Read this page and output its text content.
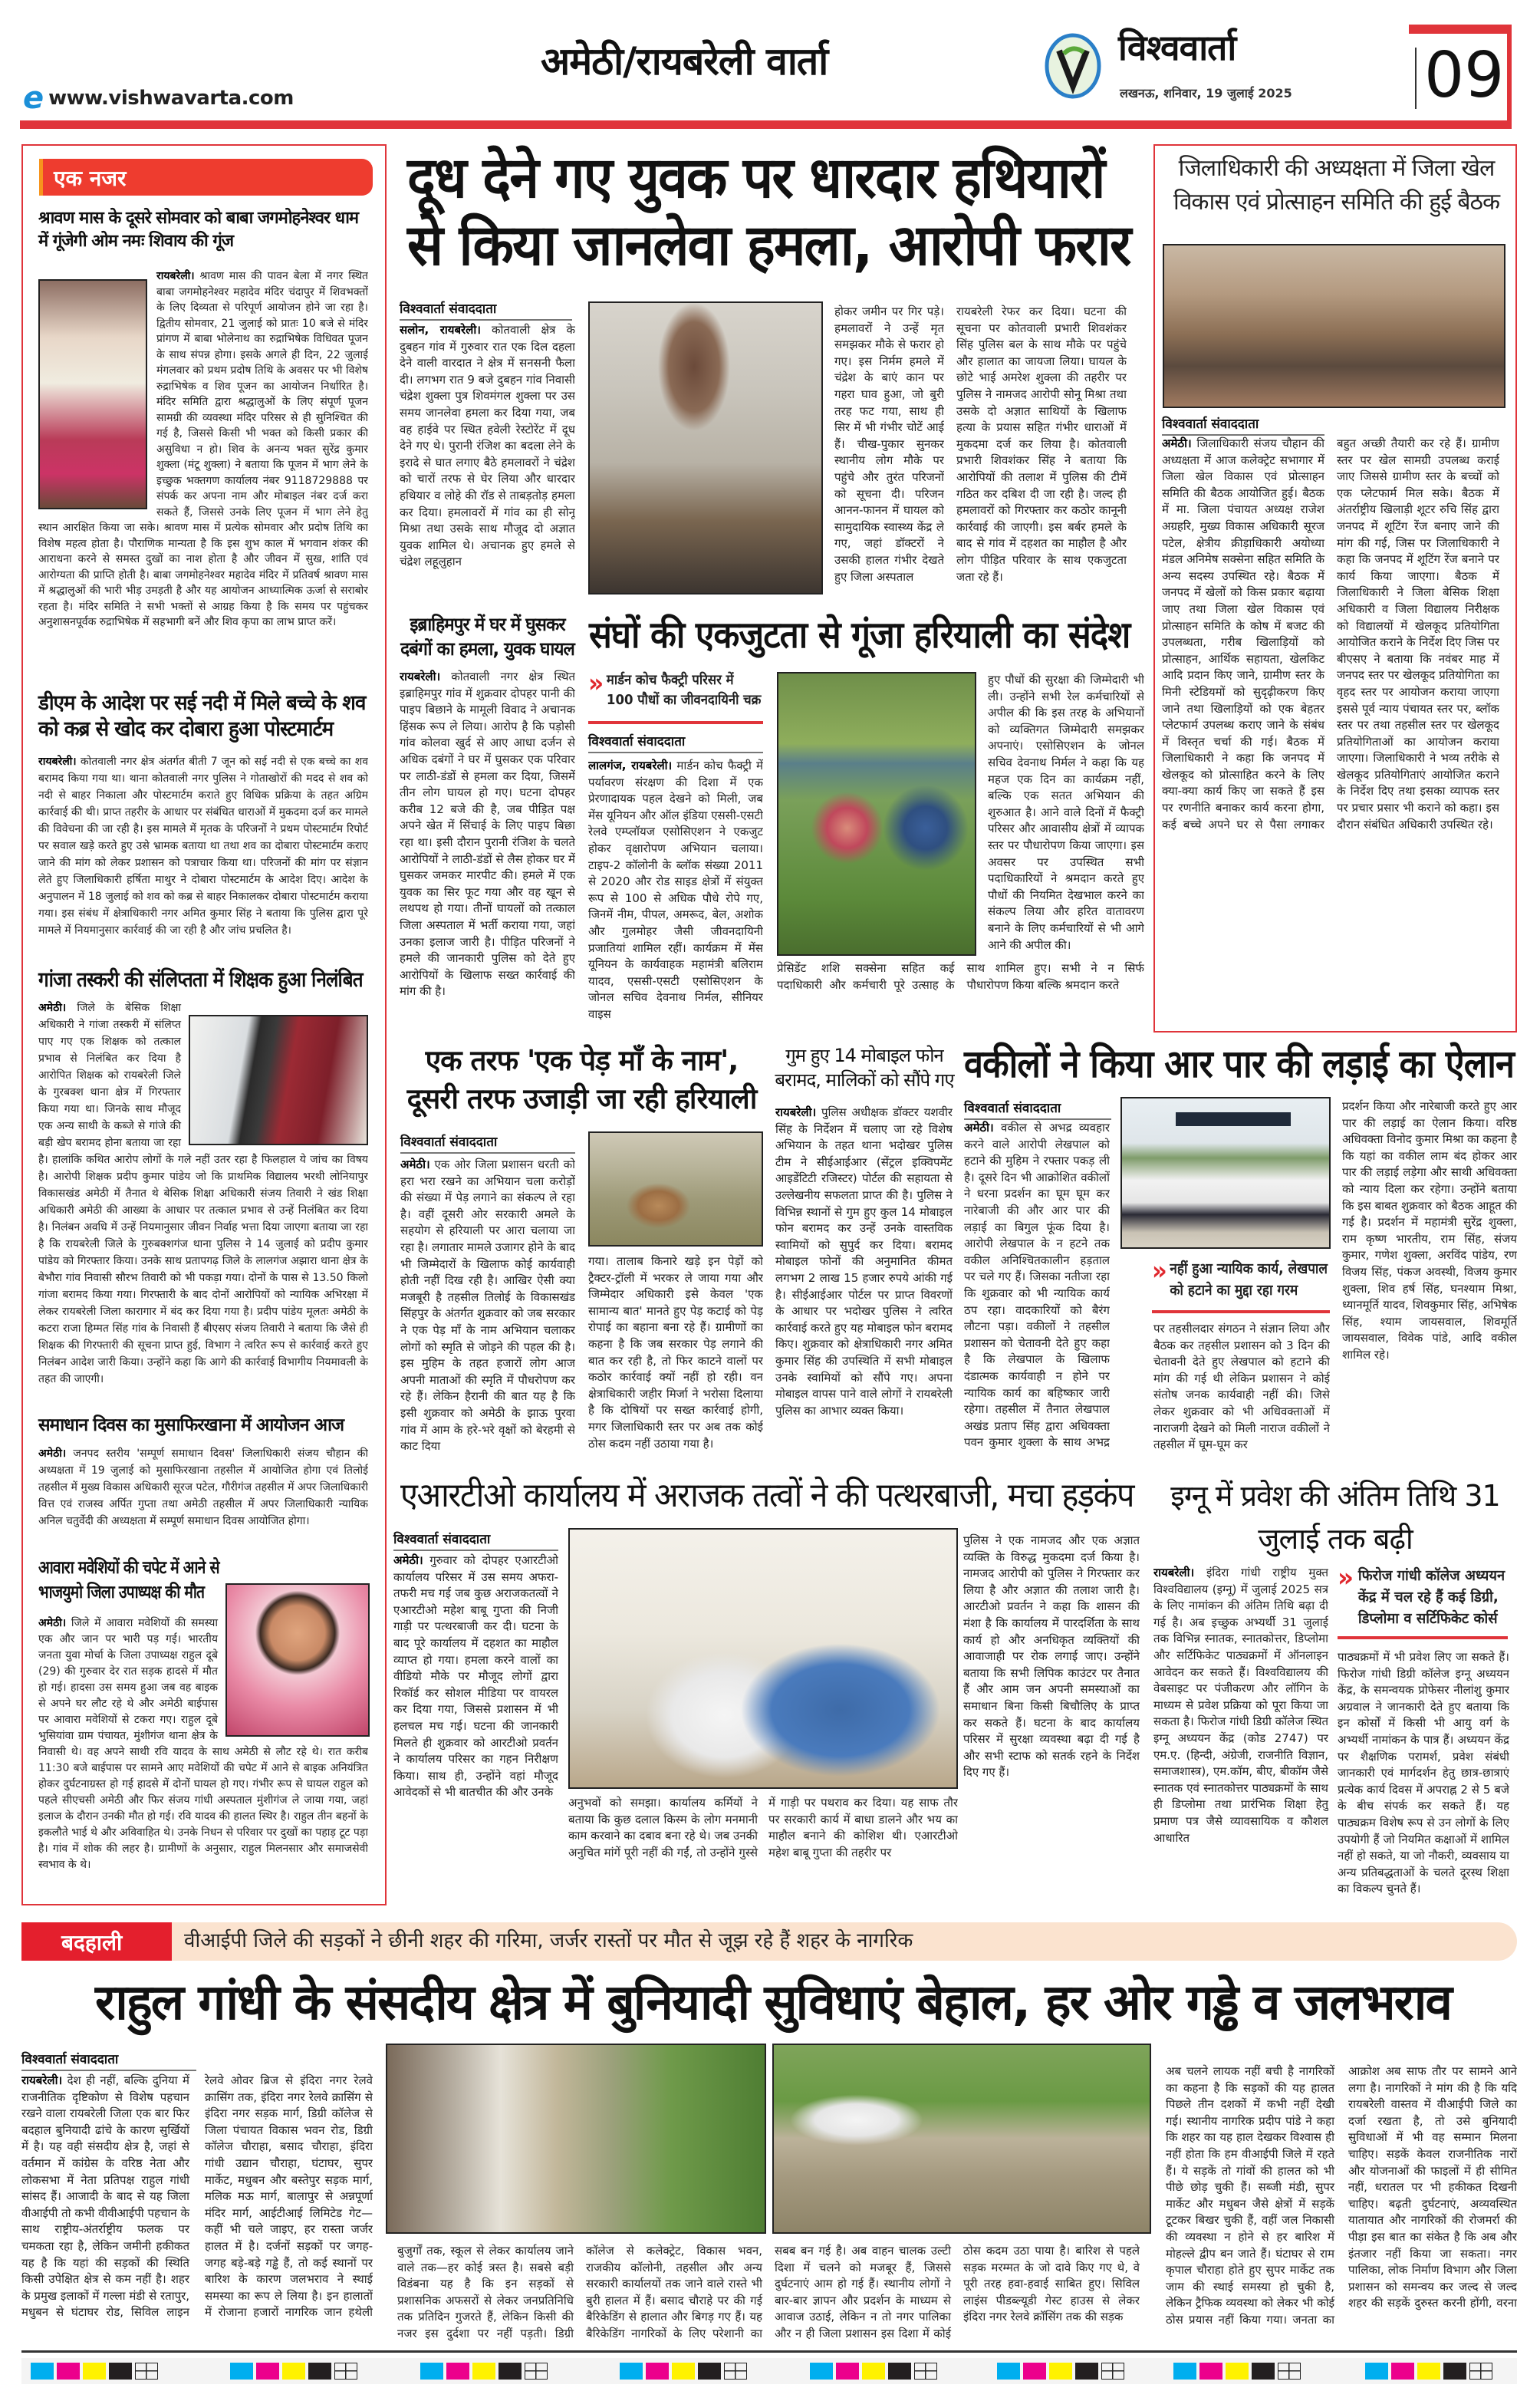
e www.vishwavarta.com
अमेठी/रायबरेली वार्ता	विश्ववार्ता
लखनऊ, शनिवार, 19 जुलाई 2025 09
एक नजर
श्रावण मास के दूसरे सोमवार को बाबा जगमोहनेश्वर धाम में गूंजेगी ओम नमः शिवाय की गूंज
रायबरेली। श्रावण मास की पावन बेला में नगर स्थित बाबा जगमोहनेश्वर महादेव मंदिर चंदापुर में शिवभक्तों के लिए दिव्यता से परिपूर्ण आयोजन होने जा रहा है। द्वितीय सोमवार, 21 जुलाई को प्रातः 10 बजे से मंदिर प्रांगण में बाबा भोलेनाथ का रुद्राभिषेक विधिवत पूजन के साथ संपन्न होगा। इसके अगले ही दिन, 22 जुलाई मंगलवार को प्रथम प्रदोष तिथि के अवसर पर भी विशेष रुद्राभिषेक व शिव पूजन का आयोजन निर्धारित है। मंदिर समिति द्वारा श्रद्धालुओं के लिए संपूर्ण पूजन सामग्री की व्यवस्था मंदिर परिसर से ही सुनिश्चित की गई है, जिससे किसी भी भक्त को किसी प्रकार की असुविधा न हो। शिव के अनन्य भक्त सुरेंद्र कुमार शुक्ला (मंटू शुक्ला) ने बताया कि पूजन में भाग लेने के इच्छुक भक्तगण कार्यालय नंबर 9118729888 पर संपर्क कर अपना नाम और मोबाइल नंबर दर्ज करा सकते हैं, जिससे उनके लिए पूजन में भाग लेने हेतु स्थान आरक्षित किया जा सके। श्रावण मास में प्रत्येक सोमवार और प्रदोष तिथि का विशेष महत्व होता है। पौराणिक मान्यता है कि इस शुभ काल में भगवान शंकर की आराधना करने से समस्त दुखों का नाश होता है और जीवन में सुख, शांति एवं आरोग्यता की प्राप्ति होती है। बाबा जगमोहनेश्वर महादेव मंदिर में प्रतिवर्ष श्रावण मास में श्रद्धालुओं की भारी भीड़ उमड़ती है और यह आयोजन आध्यात्मिक ऊर्जा से सराबोर रहता है। मंदिर समिति ने सभी भक्तों से आग्रह किया है कि समय पर पहुंचकर अनुशासनपूर्वक रुद्राभिषेक में सहभागी बनें और शिव कृपा का लाभ प्राप्त करें।
डीएम के आदेश पर सई नदी में मिले बच्चे के शव को कब्र से खोद कर दोबारा हुआ पोस्टमार्टम
रायबरेली। कोतवाली नगर क्षेत्र अंतर्गत बीती 7 जून को सई नदी से एक बच्चे का शव बरामद किया गया था। थाना कोतवाली नगर पुलिस ने गोताखोरों की मदद से शव को नदी से बाहर निकाला और पोस्टमार्टम कराते हुए विधिक प्रक्रिया के तहत अग्रिम कार्रवाई की थी। प्राप्त तहरीर के आधार पर संबंधित धाराओं में मुकदमा दर्ज कर मामले की विवेचना की जा रही है। इस मामले में मृतक के परिजनों ने प्रथम पोस्टमार्टम रिपोर्ट पर सवाल खड़े करते हुए उसे भ्रामक बताया था तथा शव का दोबारा पोस्टमार्टम कराए जाने की मांग को लेकर प्रशासन को पत्राचार किया था। परिजनों की मांग पर संज्ञान लेते हुए जिलाधिकारी हर्षिता माथुर ने दोबारा पोस्टमार्टम के आदेश दिए। आदेश के अनुपालन में 18 जुलाई को शव को कब्र से बाहर निकालकर दोबारा पोस्टमार्टम कराया गया। इस संबंध में क्षेत्राधिकारी नगर अमित कुमार सिंह ने बताया कि पुलिस द्वारा पूरे मामले में नियमानुसार कार्रवाई की जा रही है और जांच प्रचलित है।
गांजा तस्करी की संलिप्तता में शिक्षक हुआ निलंबित
अमेठी। जिले के बेसिक शिक्षा अधिकारी ने गांजा तस्करी में संलिप्त पाए गए एक शिक्षक को तत्काल प्रभाव से निलंबित कर दिया है आरोपित शिक्षक को रायबरेली जिले के गुरबक्श थाना क्षेत्र में गिरफ्तार किया गया था। जिनके साथ मौजूद एक अन्य साथी के कब्जे से गांजे की बड़ी खेप बरामद होना बताया जा रहा है। हालांकि कथित आरोप लोगों के गले नहीं उतर रहा है फिलहाल ये जांच का विषय है। आरोपी शिक्षक प्रदीप कुमार पांडेय जो कि प्राथमिक विद्यालय भरथी लोनियापुर विकासखंड अमेठी में तैनात थे बेसिक शिक्षा अधिकारी संजय तिवारी ने खंड शिक्षा अधिकारी अमेठी की आख्या के आधार पर तत्काल प्रभाव से उन्हें निलंबित कर दिया है। निलंबन अवधि में उन्हें नियमानुसार जीवन निर्वाह भत्ता दिया जाएगा बताया जा रहा है कि रायबरेली जिले के गुरुबक्शगंज थाना पुलिस ने 14 जुलाई को प्रदीप कुमार पांडेय को गिरफ्तार किया। उनके साथ प्रतापगढ़ जिले के लालगंज अझारा थाना क्षेत्र के बेभौरा गांव निवासी सौरभ तिवारी को भी पकड़ा गया। दोनों के पास से 13.50 किलो गांजा बरामद किया गया। गिरफ्तारी के बाद दोनों आरोपियों को न्यायिक अभिरक्षा में लेकर रायबरेली जिला कारागार में बंद कर दिया गया है। प्रदीप पांडेय मूलतः अमेठी के कटरा राजा हिम्मत सिंह गांव के निवासी हैं बीएसए संजय तिवारी ने बताया कि जैसे ही शिक्षक की गिरफ्तारी की सूचना प्राप्त हुई, विभाग ने त्वरित रूप से कार्रवाई करते हुए निलंबन आदेश जारी किया। उन्होंने कहा कि आगे की कार्रवाई विभागीय नियमावली के तहत की जाएगी।
समाधान दिवस का मुसाफिरखाना में आयोजन आज
अमेठी। जनपद स्तरीय 'सम्पूर्ण समाधान दिवस' जिलाधिकारी संजय चौहान की अध्यक्षता में 19 जुलाई को मुसाफिरखाना तहसील में आयोजित होगा एवं तिलोई तहसील में मुख्य विकास अधिकारी सूरज पटेल, गौरीगंज तहसील में अपर जिलाधिकारी वित्त एवं राजस्व अर्पित गुप्ता तथा अमेठी तहसील में अपर जिलाधिकारी न्यायिक अनिल चतुर्वेदी की अध्यक्षता में सम्पूर्ण समाधान दिवस आयोजित होगा।
आवारा मवेशियों की चपेट में आने से भाजयुमो जिला उपाध्यक्ष की मौत
अमेठी। जिले में आवारा मवेशियों की समस्या एक और जान पर भारी पड़ गई। भारतीय जनता युवा मोर्चा के जिला उपाध्यक्ष राहुल दूबे (29) की गुरुवार देर रात सड़क हादसे में मौत हो गई। हादसा उस समय हुआ जब वह बाइक से अपने घर लौट रहे थे और अमेठी बाईपास पर आवारा मवेशियों से टकरा गए। राहुल दूबे भुसियांवा ग्राम पंचायत, मुंशीगंज थाना क्षेत्र के निवासी थे। वह अपने साथी रवि यादव के साथ अमेठी से लौट रहे थे। रात करीब 11:30 बजे बाईपास पर सामने आए मवेशियों की चपेट में आने से बाइक अनियंत्रित होकर दुर्घटनाग्रस्त हो गई हादसे में दोनों घायल हो गए। गंभीर रूप से घायल राहुल को पहले सीएचसी अमेठी और फिर संजय गांधी अस्पताल मुंशीगंज ले जाया गया, जहां इलाज के दौरान उनकी मौत हो गई। रवि यादव की हालत स्थिर है। राहुल तीन बहनों के इकलौते भाई थे और अविवाहित थे। उनके निधन से परिवार पर दुखों का पहाड़ टूट पड़ा है। गांव में शोक की लहर है। ग्रामीणों के अनुसार, राहुल मिलनसार और समाजसेवी स्वभाव के थे।
दूध देने गए युवक पर धारदार हथियारों से किया जानलेवा हमला, आरोपी फरार
विश्ववार्ता संवाददाता
सलोन, रायबरेली। कोतवाली क्षेत्र के दुबहन गांव में गुरुवार रात एक दिल दहला देने वाली वारदात ने क्षेत्र में सनसनी फैला दी। लगभग रात 9 बजे दुबहन गांव निवासी चंद्रेश शुक्ला पुत्र शिवमंगल शुक्ला पर उस समय जानलेवा हमला कर दिया गया, जब वह हाईवे पर स्थित हवेली रेस्टोरेंट में दूध देने गए थे। पुरानी रंजिश का बदला लेने के इरादे से घात लगाए बैठे हमलावरों ने चंद्रेश को चारों तरफ से घेर लिया और धारदार हथियार व लोहे की रॉड से ताबड़तोड़ हमला कर दिया। हमलावरों में गांव का ही सोनू मिश्रा तथा उसके साथ मौजूद दो अज्ञात युवक शामिल थे। अचानक हुए हमले से चंद्रेश लहूलुहान
होकर जमीन पर गिर पड़े। हमलावरों ने उन्हें मृत समझकर मौके से फरार हो गए। इस निर्मम हमले में चंद्रेश के बाएं कान पर गहरा घाव हुआ, जो बुरी तरह फट गया, साथ ही सिर में भी गंभीर चोटें आई हैं। चीख-पुकार सुनकर स्थानीय लोग मौके पर पहुंचे और तुरंत परिजनों को सूचना दी। परिजन आनन-फानन में घायल को सामुदायिक स्वास्थ्य केंद्र ले गए, जहां डॉक्टरों ने उसकी हालत गंभीर देखते हुए जिला अस्पताल
रायबरेली रेफर कर दिया। घटना की सूचना पर कोतवाली प्रभारी शिवशंकर सिंह पुलिस बल के साथ मौके पर पहुंचे और हालात का जायजा लिया। घायल के छोटे भाई अमरेश शुक्ला की तहरीर पर पुलिस ने नामजद आरोपी सोनू मिश्रा तथा उसके दो अज्ञात साथियों के खिलाफ हत्या के प्रयास सहित गंभीर धाराओं में मुकदमा दर्ज कर लिया है। कोतवाली प्रभारी शिवशंकर सिंह ने बताया कि आरोपियों की तलाश में पुलिस की टीमें गठित कर दबिश दी जा रही है। जल्द ही हमलावरों को गिरफ्तार कर कठोर कानूनी कार्रवाई की जाएगी। इस बर्बर हमले के बाद से गांव में दहशत का माहौल है और लोग पीड़ित परिवार के साथ एकजुटता जता रहे हैं।
इब्राहिमपुर में घर में घुसकर दबंगों का हमला, युवक घायल
रायबरेली। कोतवाली नगर क्षेत्र स्थित इब्राहिमपुर गांव में शुक्रवार दोपहर पानी की पाइप बिछाने के मामूली विवाद ने अचानक हिंसक रूप ले लिया। आरोप है कि पड़ोसी गांव कोलवा खुर्द से आए आधा दर्जन से अधिक दबंगों ने घर में घुसकर एक परिवार पर लाठी-डंडों से हमला कर दिया, जिसमें तीन लोग घायल हो गए। घटना दोपहर करीब 12 बजे की है, जब पीड़ित पक्ष अपने खेत में सिंचाई के लिए पाइप बिछा रहा था। इसी दौरान पुरानी रंजिश के चलते आरोपियों ने लाठी-डंडों से लैस होकर घर में घुसकर जमकर मारपीट की। हमले में एक युवक का सिर फूट गया और वह खून से लथपथ हो गया। तीनों घायलों को तत्काल जिला अस्पताल में भर्ती कराया गया, जहां उनका इलाज जारी है। पीड़ित परिजनों ने हमले की जानकारी पुलिस को देते हुए आरोपियों के खिलाफ सख्त कार्रवाई की मांग की है।
संघों की एकजुटता से गूंजा हरियाली का संदेश
» मार्डन कोच फैक्ट्री परिसर में 100 पौधों का जीवनदायिनी चक्र
विश्ववार्ता संवाददाता
लालगंज, रायबरेली। मार्डन कोच फैक्ट्री में पर्यावरण संरक्षण की दिशा में एक प्रेरणादायक पहल देखने को मिली, जब मेंस यूनियन और ऑल इंडिया एससी-एसटी रेलवे एम्प्लॉयज एसोसिएशन ने एकजुट होकर वृक्षारोपण अभियान चलाया। टाइप-2 कॉलोनी के ब्लॉक संख्या 2011 से 2020 और रोड साइड क्षेत्रों में संयुक्त रूप से 100 से अधिक पौधे रोपे गए, जिनमें नीम, पीपल, अमरूद, बेल, अशोक और गुलमोहर जैसी जीवनदायिनी प्रजातियां शामिल रहीं। कार्यक्रम में मेंस यूनियन के कार्यवाहक महामंत्री बलिराम यादव, एससी-एसटी एसोसिएशन के जोनल सचिव देवनाथ निर्मल, सीनियर वाइस
हुए पौधों की सुरक्षा की जिम्मेदारी भी ली। उन्होंने सभी रेल कर्मचारियों से अपील की कि इस तरह के अभियानों को व्यक्तिगत जिम्मेदारी समझकर अपनाएं। एसोसिएशन के जोनल सचिव देवनाथ निर्मल ने कहा कि यह महज एक दिन का कार्यक्रम नहीं, बल्कि एक सतत अभियान की शुरुआत है। आने वाले दिनों में फैक्ट्री परिसर और आवासीय क्षेत्रों में व्यापक स्तर पर पौधारोपण किया जाएगा। इस अवसर पर उपस्थित सभी पदाधिकारियों ने श्रमदान करते हुए पौधों की नियमित देखभाल करने का संकल्प लिया और हरित वातावरण बनाने के लिए कर्मचारियों से भी आगे आने की अपील की।
प्रेसिडेंट शशि सक्सेना सहित कई पदाधिकारी और कर्मचारी पूरे उत्साह के साथ शामिल हुए। सभी ने न सिर्फ पौधारोपण किया बल्कि श्रमदान करते
जिलाधिकारी की अध्यक्षता में जिला खेल विकास एवं प्रोत्साहन समिति की हुई बैठक
विश्ववार्ता संवाददाता
अमेठी। जिलाधिकारी संजय चौहान की अध्यक्षता में आज कलेक्ट्रेट सभागार में जिला खेल विकास एवं प्रोत्साहन समिति की बैठक आयोजित हुई। बैठक में मा. जिला पंचायत अध्यक्ष राजेश अग्रहरि, मुख्य विकास अधिकारी सूरज पटेल, क्षेत्रीय क्रीड़ाधिकारी अयोध्या मंडल अनिमेष सक्सेना सहित समिति के अन्य सदस्य उपस्थित रहे। बैठक में जनपद में खेलों को किस प्रकार बढ़ाया जाए तथा जिला खेल विकास एवं प्रोत्साहन समिति के कोष में बजट की उपलब्धता, गरीब खिलाड़ियों को प्रोत्साहन, आर्थिक सहायता, खेलकिट आदि प्रदान किए जाने, ग्रामीण स्तर के मिनी स्टेडियमों को सुदृढ़ीकरण किए जाने तथा खिलाड़ियों को एक बेहतर प्लेटफार्म उपलब्ध कराए जाने के संबंध में विस्तृत चर्चा की गई। बैठक में जिलाधिकारी ने कहा कि जनपद में खेलकूद को प्रोत्साहित करने के लिए क्या-क्या कार्य किए जा सकते हैं इस पर रणनीति बनाकर कार्य करना होगा, कई बच्चे अपने घर से पैसा लगाकर बहुत अच्छी तैयारी कर रहे हैं। ग्रामीण स्तर पर खेल सामग्री उपलब्ध कराई जाए जिससे ग्रामीण स्तर के बच्चों को एक प्लेटफार्म मिल सके। बैठक में अंतर्राष्ट्रीय खिलाड़ी शूटर रुचि सिंह द्वारा जनपद में शूटिंग रेंज बनाए जाने की मांग की गई, जिस पर जिलाधिकारी ने कहा कि जनपद में शूटिंग रेंज बनाने पर कार्य किया जाएगा। बैठक में जिलाधिकारी ने जिला बेसिक शिक्षा अधिकारी व जिला विद्यालय निरीक्षक को विद्यालयों में खेलकूद प्रतियोगिता आयोजित कराने के निर्देश दिए जिस पर बीएसए ने बताया कि नवंबर माह में जनपद स्तर पर खेलकूद प्रतियोगिता का वृहद स्तर पर आयोजन कराया जाएगा इससे पूर्व न्याय पंचायत स्तर पर, ब्लॉक स्तर पर तथा तहसील स्तर पर खेलकूद प्रतियोगिताओं का आयोजन कराया जाएगा। जिलाधिकारी ने भव्य तरीके से खेलकूद प्रतियोगिताएं आयोजित कराने के निर्देश दिए तथा इसका व्यापक स्तर पर प्रचार प्रसार भी कराने को कहा। इस दौरान संबंधित अधिकारी उपस्थित रहे।
एक तरफ 'एक पेड़ माँ के नाम', दूसरी तरफ उजाड़ी जा रही हरियाली
विश्ववार्ता संवाददाता
अमेठी। एक ओर जिला प्रशासन धरती को हरा भरा रखने का अभियान चला करोड़ों की संख्या में पेड़ लगाने का संकल्प ले रहा है। वहीं दूसरी ओर सरकारी अमले के सहयोग से हरियाली पर आरा चलाया जा रहा है। लगातार मामले उजागर होने के बाद भी जिम्मेदारों के खिलाफ कोई कार्यवाही होती नहीं दिख रही है। आखिर ऐसी क्या मजबूरी है तहसील तिलोई के विकासखंड सिंहपुर के अंतर्गत शुक्रवार को जब सरकार ने एक पेड़ माँ के नाम अभियान चलाकर लोगों को स्मृति से जोड़ने की पहल की है। इस मुहिम के तहत हजारों लोग आज अपनी माताओं की स्मृति में पौधरोपण कर रहे हैं। लेकिन हैरानी की बात यह है कि इसी शुक्रवार को अमेठी के झाऊ पुरवा गांव में आम के हरे-भरे वृक्षों को बेरहमी से काट दिया
गया। तालाब किनारे खड़े इन पेड़ों को ट्रैक्टर-ट्रॉली में भरकर ले जाया गया और जिम्मेदार अधिकारी इसे केवल 'एक सामान्य बात' मानते हुए पेड़ कटाई को पेड़ रोपाई का बहाना बना रहे हैं। ग्रामीणों का कहना है कि जब सरकार पेड़ लगाने की बात कर रही है, तो फिर काटने वालों पर कठोर कार्रवाई क्यों नहीं हो रही। वन क्षेत्राधिकारी जहीर मिर्जा ने भरोसा दिलाया है कि दोषियों पर सख्त कार्रवाई होगी, मगर जिलाधिकारी स्तर पर अब तक कोई ठोस कदम नहीं उठाया गया है।
गुम हुए 14 मोबाइल फोन बरामद, मालिकों को सौंपे गए
रायबरेली। पुलिस अधीक्षक डॉक्टर यशवीर सिंह के निर्देशन में चलाए जा रहे विशेष अभियान के तहत थाना भदोखर पुलिस टीम ने सीईआईआर (सेंट्रल इक्विपमेंट आइडेंटिटी रजिस्टर) पोर्टल की सहायता से उल्लेखनीय सफलता प्राप्त की है। पुलिस ने विभिन्न स्थानों से गुम हुए कुल 14 मोबाइल फोन बरामद कर उन्हें उनके वास्तविक स्वामियों को सुपुर्द कर दिया। बरामद मोबाइल फोनों की अनुमानित कीमत लगभग 2 लाख 15 हजार रुपये आंकी गई है। सीईआईआर पोर्टल पर प्राप्त विवरणों के आधार पर भदोखर पुलिस ने त्वरित कार्रवाई करते हुए यह मोबाइल फोन बरामद किए। शुक्रवार को क्षेत्राधिकारी नगर अमित कुमार सिंह की उपस्थिति में सभी मोबाइल उनके स्वामियों को सौंपे गए। अपना मोबाइल वापस पाने वाले लोगों ने रायबरेली पुलिस का आभार व्यक्त किया।
वकीलों ने किया आर पार की लड़ाई का ऐलान
विश्ववार्ता संवाददाता
अमेठी। वकील से अभद्र व्यवहार करने वाले आरोपी लेखपाल को हटाने की मुहिम ने रफ्तार पकड़ ली है। दूसरे दिन भी आक्रोशित वकीलों ने धरना प्रदर्शन का घूम घूम कर नारेबाजी की और आर पार की लड़ाई का बिगुल फूंक दिया है। आरोपी लेखपाल के न हटने तक वकील अनिश्चितकालीन हड़ताल पर चले गए हैं। जिसका नतीजा रहा कि शुक्रवार को भी न्यायिक कार्य ठप रहा। वादकारियों को बैरंग लौटना पड़ा। वकीलों ने तहसील प्रशासन को चेतावनी देते हुए कहा है कि लेखपाल के खिलाफ दंडात्मक कार्यवाही न होने पर न्यायिक कार्य का बहिष्कार जारी रहेगा। तहसील में तैनात लेखपाल अखंड प्रताप सिंह द्वारा अधिवक्ता पवन कुमार शुक्ला के साथ अभद्र
» नहीं हुआ न्यायिक कार्य, लेखपाल को हटाने का मुद्दा रहा गरम
पर तहसीलदार संगठन ने संज्ञान लिया और बैठक कर तहसील प्रशासन को 3 दिन की चेतावनी देते हुए लेखपाल को हटाने की मांग की गई थी लेकिन प्रशासन ने कोई संतोष जनक कार्यवाही नहीं की। जिसे लेकर शुक्रवार को भी अधिवक्ताओं में नाराजगी देखने को मिली नाराज वकीलों ने तहसील में घूम-घूम कर
प्रदर्शन किया और नारेबाजी करते हुए आर पार की लड़ाई का ऐलान किया। वरिष्ठ अधिवक्ता विनोद कुमार मिश्रा का कहना है कि यहां का वकील लाम बंद होकर आर पार की लड़ाई लड़ेगा और साथी अधिवक्ता को न्याय दिला कर रहेगा। उन्होंने बताया कि इस बाबत शुक्रवार को बैठक आहूत की गई है। प्रदर्शन में महामंत्री सुरेंद्र शुक्ला, राम कृष्ण भारतीय, राम सिंह, संजय कुमार, गणेश शुक्ला, अरविंद पांडेय, रण विजय सिंह, पंकज अवस्थी, विजय कुमार शुक्ला, शिव हर्ष सिंह, घनश्याम मिश्रा, ध्यानमूर्ति यादव, शिवकुमार सिंह, अभिषेक सिंह, श्याम जायसवाल, शिवमूर्ति जायसवाल, विवेक पांडे, आदि वकील शामिल रहे।
एआरटीओ कार्यालय में अराजक तत्वों ने की पत्थरबाजी, मचा हड़कंप
विश्ववार्ता संवाददाता
अमेठी। गुरुवार को दोपहर एआरटीओ कार्यालय परिसर में उस समय अफरा-तफरी मच गई जब कुछ अराजकतत्वों ने एआरटीओ महेश बाबू गुप्ता की निजी गाड़ी पर पत्थरबाजी कर दी। घटना के बाद पूरे कार्यालय में दहशत का माहौल व्याप्त हो गया। हमला करने वालों का वीडियो मौके पर मौजूद लोगों द्वारा रिकॉर्ड कर सोशल मीडिया पर वायरल कर दिया गया, जिससे प्रशासन में भी हलचल मच गई। घटना की जानकारी मिलते ही शुक्रवार को आरटीओ प्रवर्तन ने कार्यालय परिसर का गहन निरीक्षण किया। साथ ही, उन्होंने वहां मौजूद आवेदकों से भी बातचीत की और उनके
अनुभवों को समझा। कार्यालय कर्मियों ने बताया कि कुछ दलाल किस्म के लोग मनमानी काम करवाने का दबाव बना रहे थे। जब उनकी अनुचित मांगें पूरी नहीं की गईं, तो उन्होंने गुस्से में गाड़ी पर पथराव कर दिया। यह साफ तौर पर सरकारी कार्य में बाधा डालने और भय का माहौल बनाने की कोशिश थी। एआरटीओ महेश बाबू गुप्ता की तहरीर पर
पुलिस ने एक नामजद और एक अज्ञात व्यक्ति के विरुद्ध मुकदमा दर्ज किया है। नामजद आरोपी को पुलिस ने गिरफ्तार कर लिया है और अज्ञात की तलाश जारी है। आरटीओ प्रवर्तन ने कहा कि शासन की मंशा है कि कार्यालय में पारदर्शिता के साथ कार्य हो और अनधिकृत व्यक्तियों की आवाजाही पर रोक लगाई जाए। उन्होंने बताया कि सभी लिपिक काउंटर पर तैनात हैं और आम जन अपनी समस्याओं का समाधान बिना किसी बिचौलिए के प्राप्त कर सकते हैं। घटना के बाद कार्यालय परिसर में सुरक्षा व्यवस्था बढ़ा दी गई है और सभी स्टाफ को सतर्क रहने के निर्देश दिए गए हैं।
इग्नू में प्रवेश की अंतिम तिथि 31 जुलाई तक बढ़ी
रायबरेली। इंदिरा गांधी राष्ट्रीय मुक्त विश्वविद्यालय (इग्नू) में जुलाई 2025 सत्र के लिए नामांकन की अंतिम तिथि बढ़ा दी गई है। अब इच्छुक अभ्यर्थी 31 जुलाई तक विभिन्न स्नातक, स्नातकोत्तर, डिप्लोमा और सर्टिफिकेट पाठ्यक्रमों में ऑनलाइन आवेदन कर सकते हैं। विश्वविद्यालय की वेबसाइट पर पंजीकरण और लॉगिन के माध्यम से प्रवेश प्रक्रिया को पूरा किया जा सकता है। फिरोज गांधी डिग्री कॉलेज स्थित इग्नू अध्ययन केंद्र (कोड 2747) पर एम.ए. (हिन्दी, अंग्रेजी, राजनीति विज्ञान, समाजशास्त्र), एम.कॉम, बीए, बीकॉम जैसे स्नातक एवं स्नातकोत्तर पाठ्यक्रमों के साथ ही डिप्लोमा तथा प्रारंभिक शिक्षा हेतु प्रमाण पत्र जैसे व्यावसायिक व कौशल आधारित
» फिरोज गांधी कॉलेज अध्ययन केंद्र में चल रहे हैं कई डिग्री, डिप्लोमा व सर्टिफिकेट कोर्स
पाठ्यक्रमों में भी प्रवेश लिए जा सकते हैं। फिरोज गांधी डिग्री कॉलेज इग्नू अध्ययन केंद्र, के समन्वयक प्रोफेसर नीलांशु कुमार अग्रवाल ने जानकारी देते हुए बताया कि इन कोर्सों में किसी भी आयु वर्ग के अभ्यर्थी नामांकन के पात्र हैं। अध्ययन केंद्र पर शैक्षणिक परामर्श, प्रवेश संबंधी जानकारी एवं मार्गदर्शन हेतु छात्र-छात्राएं प्रत्येक कार्य दिवस में अपराह्न 2 से 5 बजे के बीच संपर्क कर सकते हैं। यह पाठ्यक्रम विशेष रूप से उन लोगों के लिए उपयोगी हैं जो नियमित कक्षाओं में शामिल नहीं हो सकते, या जो नौकरी, व्यवसाय या अन्य प्रतिबद्धताओं के चलते दूरस्थ शिक्षा का विकल्प चुनते हैं।
बदहाली	वीआईपी जिले की सड़कों ने छीनी शहर की गरिमा, जर्जर रास्तों पर मौत से जूझ रहे हैं शहर के नागरिक
राहुल गांधी के संसदीय क्षेत्र में बुनियादी सुविधाएं बेहाल, हर ओर गड्ढे व जलभराव
विश्ववार्ता संवाददाता
रायबरेली। देश ही नहीं, बल्कि दुनिया में राजनीतिक दृष्टिकोण से विशेष पहचान रखने वाला रायबरेली जिला एक बार फिर बदहाल बुनियादी ढांचे के कारण सुर्खियों में है। यह वही संसदीय क्षेत्र है, जहां से वर्तमान में कांग्रेस के वरिष्ठ नेता और लोकसभा में नेता प्रतिपक्ष राहुल गांधी सांसद हैं। आजादी के बाद से यह जिला वीआईपी तो कभी वीवीआईपी पहचान के साथ राष्ट्रीय-अंतर्राष्ट्रीय फलक पर चमकता रहा है, लेकिन जमीनी हकीकत यह है कि यहां की सड़कों की स्थिति किसी उपेक्षित क्षेत्र से कम नहीं है। शहर के प्रमुख इलाकों में गल्ला मंडी से रतापुर, मधुबन से घंटाघर रोड, सिविल लाइन रेलवे ओवर ब्रिज से इंदिरा नगर रेलवे क्रासिंग तक, इंदिरा नगर रेलवे क्रासिंग से इंदिरा नगर सड़क मार्ग, डिग्री कॉलेज से जिला पंचायत विकास भवन रोड, डिग्री कॉलेज चौराहा, बसाद चौराहा, इंदिरा गांधी उद्यान चौराहा, घंटाघर, सुपर मार्केट, मधुबन और बस्तेपुर सड़क मार्ग, मलिक मऊ मार्ग, बालापुर से अन्नपूर्णा मंदिर मार्ग, आईटीआई लिमिटेड गेट—कहीं भी चले जाइए, हर रास्ता जर्जर हालत में है। दर्जनों सड़कों पर जगह-जगह बड़े-बड़े गड्ढे हैं, तो कई स्थानों पर बारिश के कारण जलभराव ने स्थाई समस्या का रूप ले लिया है। इन हालातों में रोजाना हजारों नागरिक जान हथेली
बुजुर्गों तक, स्कूल से लेकर कार्यालय जाने वाले तक—हर कोई त्रस्त है। सबसे बड़ी विडंबना यह है कि इन सड़कों से प्रशासनिक अफसरों से लेकर जनप्रतिनिधि तक प्रतिदिन गुजरते हैं, लेकिन किसी की नजर इस दुर्दशा पर नहीं पड़ती। डिग्री कॉलेज से कलेक्ट्रेट, विकास भवन, राजकीय कॉलोनी, तहसील और अन्य सरकारी कार्यालयों तक जाने वाले रास्ते भी बुरी हालत में हैं। बसाद चौराहे पर की गई बैरिकेडिंग से हालात और बिगड़ गए हैं। यह बैरिकेडिंग नागरिकों के लिए परेशानी का सबब बन गई है। अब वाहन चालक उल्टी दिशा में चलने को मजबूर हैं, जिससे दुर्घटनाएं आम हो गई हैं। स्थानीय लोगों ने बार-बार ज्ञापन और प्रदर्शन के माध्यम से आवाज उठाई, लेकिन न तो नगर पालिका और न ही जिला प्रशासन इस दिशा में कोई ठोस कदम उठा पाया है। बारिश से पहले सड़क मरम्मत के जो दावे किए गए थे, वे पूरी तरह हवा-हवाई साबित हुए। सिविल लाइंस पीडब्ल्यूडी गेस्ट हाउस से लेकर इंदिरा नगर रेलवे क्रॉसिंग तक की सड़क
अब चलने लायक नहीं बची है नागरिकों का कहना है कि सड़कों की यह हालत पिछले तीन दशकों में कभी नहीं देखी गई। स्थानीय नागरिक प्रदीप पांडे ने कहा कि शहर का यह हाल देखकर विश्वास ही नहीं होता कि हम वीआईपी जिले में रहते हैं। ये सड़कें तो गांवों की हालत को भी पीछे छोड़ चुकी हैं। सब्जी मंडी, सुपर मार्केट और मधुबन जैसे क्षेत्रों में सड़कें टूटकर बिखर चुकी हैं, वहीं जल निकासी की व्यवस्था न होने से हर बारिश में मोहल्ले द्वीप बन जाते हैं। घंटाघर से राम कृपाल चौराहा होते हुए सुपर मार्केट तक जाम की स्थाई समस्या हो चुकी है, लेकिन ट्रैफिक व्यवस्था को लेकर भी कोई ठोस प्रयास नहीं किया गया। जनता का आक्रोश अब साफ तौर पर सामने आने लगा है। नागरिकों ने मांग की है कि यदि रायबरेली वास्तव में वीआईपी जिले का दर्जा रखता है, तो उसे बुनियादी सुविधाओं में भी वह सम्मान मिलना चाहिए। सड़कें केवल राजनीतिक नारों और योजनाओं की फाइलों में ही सीमित नहीं, धरातल पर भी हकीकत दिखनी चाहिए। बढ़ती दुर्घटनाएं, अव्यवस्थित यातायात और नागरिकों की रोजमर्रा की पीड़ा इस बात का संकेत है कि अब और इंतजार नहीं किया जा सकता। नगर पालिका, लोक निर्माण विभाग और जिला प्रशासन को समन्वय कर जल्द से जल्द शहर की सड़कें दुरुस्त करनी होंगी, वरना
